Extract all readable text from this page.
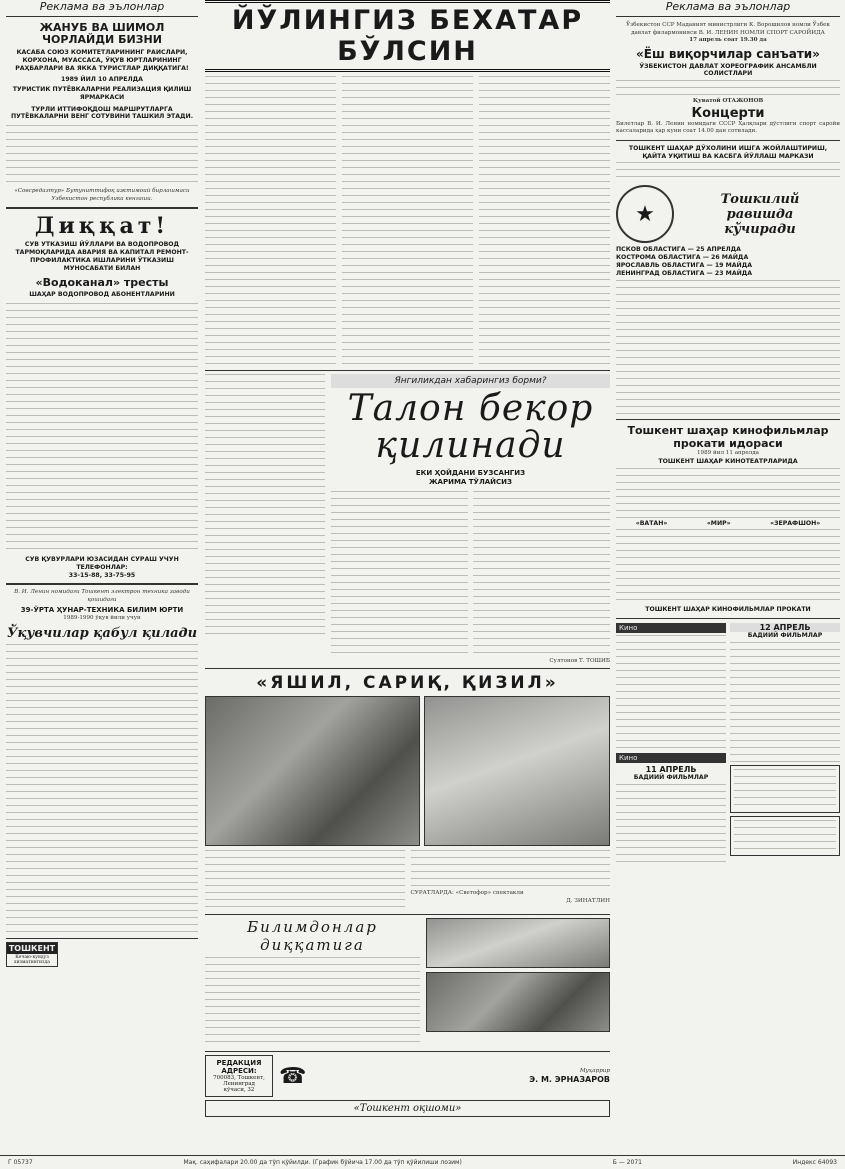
Реклама ва эълонлар
ЖАНУБ ВА ШИМОЛ ЧОРЛАЙДИ БИЗНИ
КАСАБА СОЮЗ КОМИТЕТЛАРИНИНГ РАИСЛАРИ, КОРХОНА, МУАССАСА, ЎҚУВ ЮРТЛАРИНИНГ РАҲБАРЛАРИ ВА ЯККА ТУРИСТЛАР ДИҚҚАТИГА!
1989 ЙИЛ 10 АПРЕЛДА
ТУРИСТИК ПУТЁВКАЛАРНИ РЕАЛИЗАЦИЯ ҚИЛИШ ЯРМАРКАСИ
ТУРЛИ ИТТИФОҚДОШ МАРШРУТЛАРГА ПУТЁВКАЛАРНИ ВЕНГ СОТУВИНИ ТАШКИЛ ЭТАДИ.
«Совсредазтур» Бутуниттифоқ ижтимоий бирлашмаси Узбекистон республика кенгаши.
Диққат!
СУВ УТКАЗИШ ЙЎЛЛАРИ ВА ВОДОПРОВОД ТАРМОҚЛАРИДА АВАРИЯ ВА КАПИТАЛ РЕМОНТ-ПРОФИЛАКТИКА ИШЛАРИНИ ЎТКАЗИШ МУНОСАБАТИ БИЛАН
«Водоканал» тресты
ШАҲАР ВОДОПРОВОД АБОНЕНТЛАРИНИ
СУВ ҚУВУРЛАРИ ЮЗАСИДАН СУРАШ УЧУН ТЕЛЕФОНЛАР:
33-15-88, 33-75-95
В. И. Ленин номидаги Тошкент электрон техника заводи қошидаги
39-ЎРТА ҲУНАР-ТЕХНИКА БИЛИМ ЮРТИ
1989-1990 ўқув йили учун
Ўқувчилар қабул қилади
ТОШКЕНТ
Кечаю-кундуз хизматингизда
ЙЎЛИНГИЗ БЕХАТАР БЎЛСИН
Янгиликдан хабарингиз борми?
Талон бекор
қилинади
ЕКИ ҲОЙДАНИ БУЗСАНГИЗ
ЖАРИМА ТЎЛАЙСИЗ
Султонов Т. ТОШИБ
«ЯШИЛ, САРИҚ, ҚИЗИЛ»
СУРАТЛАРДА: «Светофор» спектакли
Д. ЗИНАТЛИН
Билимдонлар
диққатига
РЕДАКЦИЯ
АДРЕСИ:
700083, Тошкент,
Ленинград
кўчаси, 32
☎	Муҳаррир
Э. М. ЭРНАЗАРОВ
«Тошкент оқшоми»
Реклама ва эълонлар
Ўзбекистон ССР Маданият министрлиги К. Ворошилов номли Ўзбек давлат филармонияси В. И. ЛЕНИН НОМЛИ СПОРТ САРОЙИДА
17 апрель соат 19.30 да
«Ёш виқорчилар санъати»
ЎЗБЕКИСТОН ДАВЛАТ ХОРЕОГРАФИК АНСАМБЛИ СОЛИСТЛАРИ
Қуватой ОТАЖОНОВ
Концерти
Билетлар В. И. Ленин номидаги СССР Ҳалқлари дўстлиги спорт саройи кассаларида ҳар куни соат 14.00 дан сотилади.
ТОШКЕНТ ШАҲАР ДЎХОЛИНИ ИШГА ЖОЙЛАШТИРИШ, ҚАЙТА УҚИТИШ ВА КАСБГА ЙЎЛЛАШ МАРКАЗИ
★
Тошкилий
равишда
кўчиради
ПСКОВ ОБЛАСТИГА — 25 АПРЕЛДА
КОСТРОМА ОБЛАСТИГА — 26 МАЙДА
ЯРОСЛАВЛЬ ОБЛАСТИГА — 19 МАЙДА
ЛЕНИНГРАД ОБЛАСТИГА — 23 МАЙДА
Тошкент шаҳар кинофильмлар
прокати идораси
1989 йил 11 апрелда
ТОШКЕНТ ШАҲАР КИНОТЕАТРЛАРИДА
«ВАТАН»	«МИР»	«ЗЕРАФШОН»
ТОШКЕНТ ШАҲАР КИНОФИЛЬМЛАР ПРОКАТИ
Кино
Кино
11 АПРЕЛЬ
БАДИИЙ ФИЛЬМЛАР
12 АПРЕЛЬ
БАДИИЙ ФИЛЬМЛАР
Г 05737	Мақ. саҳифалари 20.00 да тўп қўйилди. (График бўйича 17.00 да тўп қўйилиши лозим)	Б — 2071	Индекс 64093
